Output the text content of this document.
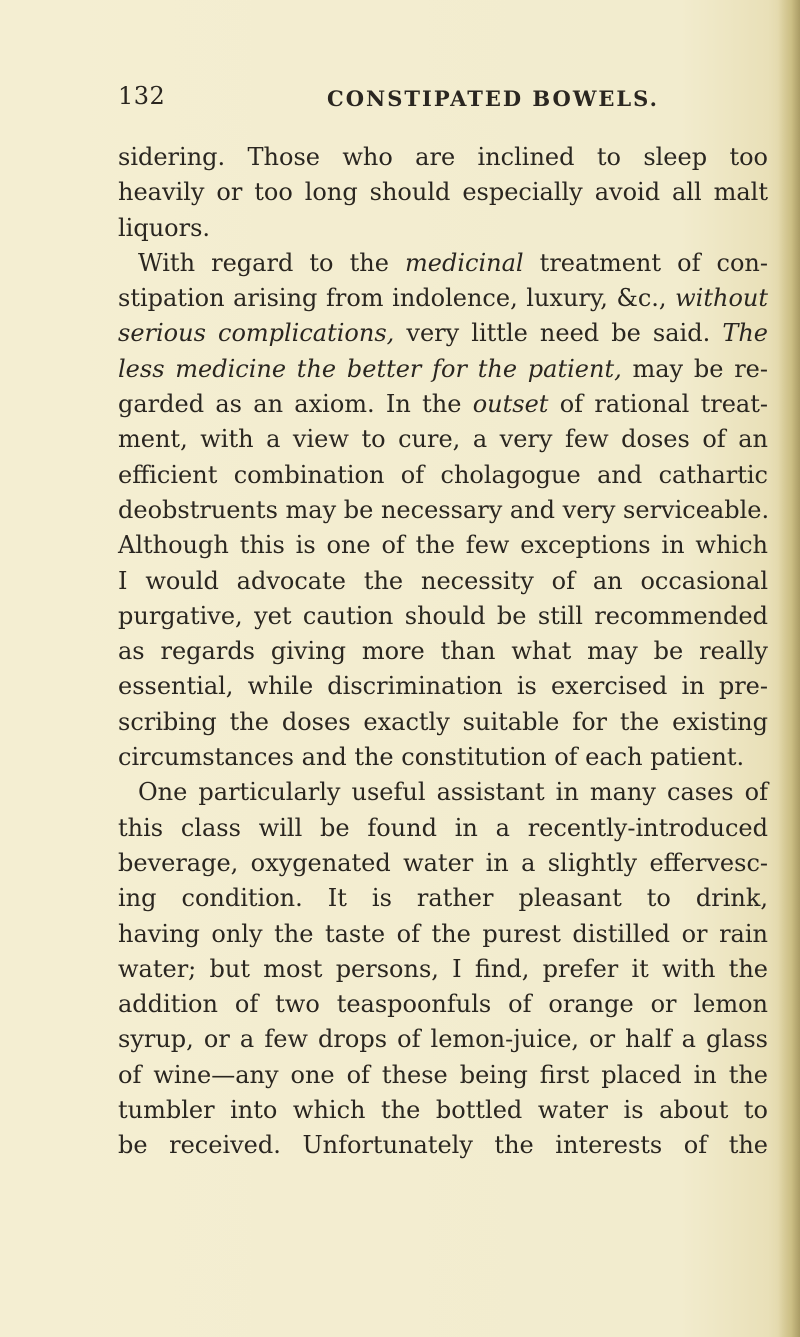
132	CONSTIPATED BOWELS.
sidering. Those who are inclined to sleep too
heavily or too long should especially avoid all malt
liquors.
With regard to the medicinal treatment of con-
stipation arising from indolence, luxury, &c., without
serious complications, very little need be said. The
less medicine the better for the patient, may be re-
garded as an axiom. In the outset of rational treat-
ment, with a view to cure, a very few doses of an
efficient combination of cholagogue and cathartic
deobstruents may be necessary and very serviceable.
Although this is one of the few exceptions in which
I would advocate the necessity of an occasional
purgative, yet caution should be still recommended
as regards giving more than what may be really
essential, while discrimination is exercised in pre-
scribing the doses exactly suitable for the existing
circumstances and the constitution of each patient.
One particularly useful assistant in many cases of
this class will be found in a recently-introduced
beverage, oxygenated water in a slightly effervesc-
ing condition. It is rather pleasant to drink,
having only the taste of the purest distilled or rain
water; but most persons, I find, prefer it with the
addition of two teaspoonfuls of orange or lemon
syrup, or a few drops of lemon-juice, or half a glass
of wine—any one of these being first placed in the
tumbler into which the bottled water is about to
be received. Unfortunately the interests of the
